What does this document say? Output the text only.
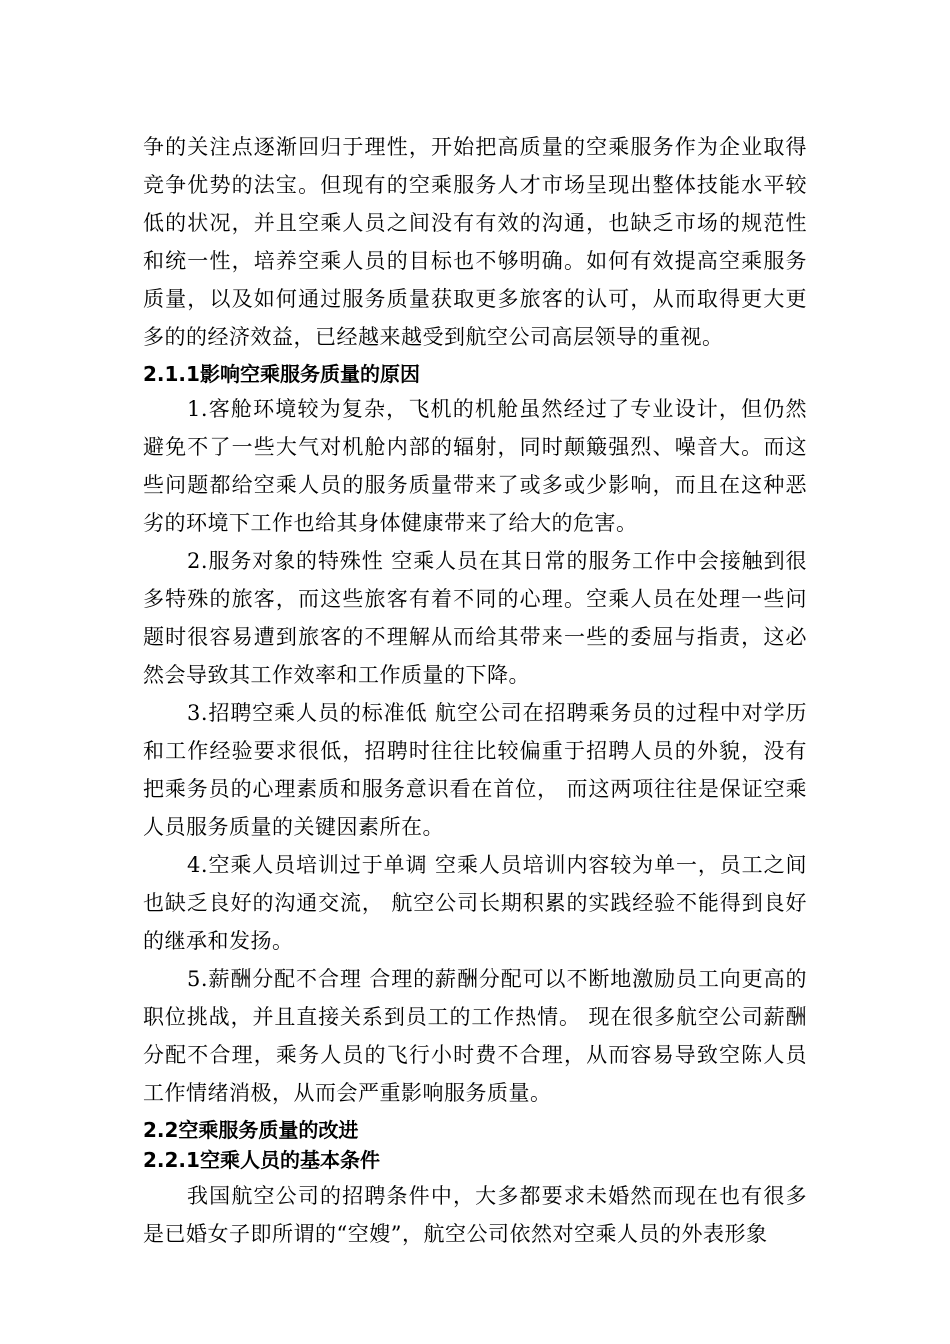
争的关注点逐渐回归于理性，开始把高质量的空乘服务作为企业取得竞争优势的法宝。但现有的空乘服务人才市场呈现出整体技能水平较低的状况，并且空乘人员之间没有有效的沟通，也缺乏市场的规范性和统一性，培养空乘人员的目标也不够明确。如何有效提高空乘服务质量，以及如何通过服务质量获取更多旅客的认可，从而取得更大更多的的经济效益，已经越来越受到航空公司高层领导的重视。

2.1.1影响空乘服务质量的原因

1.客舱环境较为复杂，飞机的机舱虽然经过了专业设计，但仍然避免不了一些大气对机舱内部的辐射，同时颠簸强烈、噪音大。而这些问题都给空乘人员的服务质量带来了或多或少影响，而且在这种恶劣的环境下工作也给其身体健康带来了给大的危害。

2.服务对象的特殊性 空乘人员在其日常的服务工作中会接触到很多特殊的旅客，而这些旅客有着不同的心理。空乘人员在处理一些问题时很容易遭到旅客的不理解从而给其带来一些的委屈与指责，这必然会导致其工作效率和工作质量的下降。

3.招聘空乘人员的标准低 航空公司在招聘乘务员的过程中对学历和工作经验要求很低，招聘时往往比较偏重于招聘人员的外貌，没有把乘务员的心理素质和服务意识看在首位， 而这两项往往是保证空乘人员服务质量的关键因素所在。

4.空乘人员培训过于单调 空乘人员培训内容较为单一，员工之间也缺乏良好的沟通交流， 航空公司长期积累的实践经验不能得到良好的继承和发扬。

5.薪酬分配不合理 合理的薪酬分配可以不断地激励员工向更高的职位挑战，并且直接关系到员工的工作热情。 现在很多航空公司薪酬分配不合理，乘务人员的飞行小时费不合理，从而容易导致空陈人员工作情绪消极，从而会严重影响服务质量。

2.2空乘服务质量的改进
2.2.1空乘人员的基本条件

我国航空公司的招聘条件中，大多都要求未婚然而现在也有很多是已婚女子即所谓的“空嫂”，航空公司依然对空乘人员的外表形象
